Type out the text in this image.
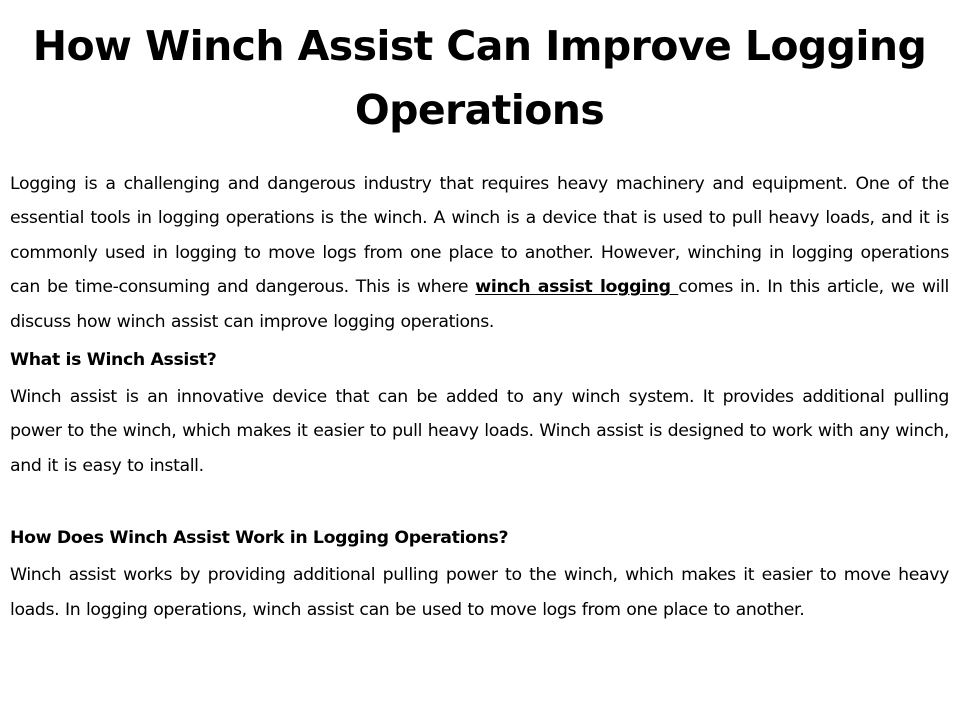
How Winch Assist Can Improve Logging Operations

Logging is a challenging and dangerous industry that requires heavy machinery and equipment. One of the essential tools in logging operations is the winch. A winch is a device that is used to pull heavy loads, and it is commonly used in logging to move logs from one place to another. However, winching in logging operations can be time-consuming and dangerous. This is where winch assist logging comes in. In this article, we will discuss how winch assist can improve logging operations.

What is Winch Assist?

Winch assist is an innovative device that can be added to any winch system. It provides additional pulling power to the winch, which makes it easier to pull heavy loads. Winch assist is designed to work with any winch, and it is easy to install.

How Does Winch Assist Work in Logging Operations?

Winch assist works by providing additional pulling power to the winch, which makes it easier to move heavy loads. In logging operations, winch assist can be used to move logs from one place to another.
